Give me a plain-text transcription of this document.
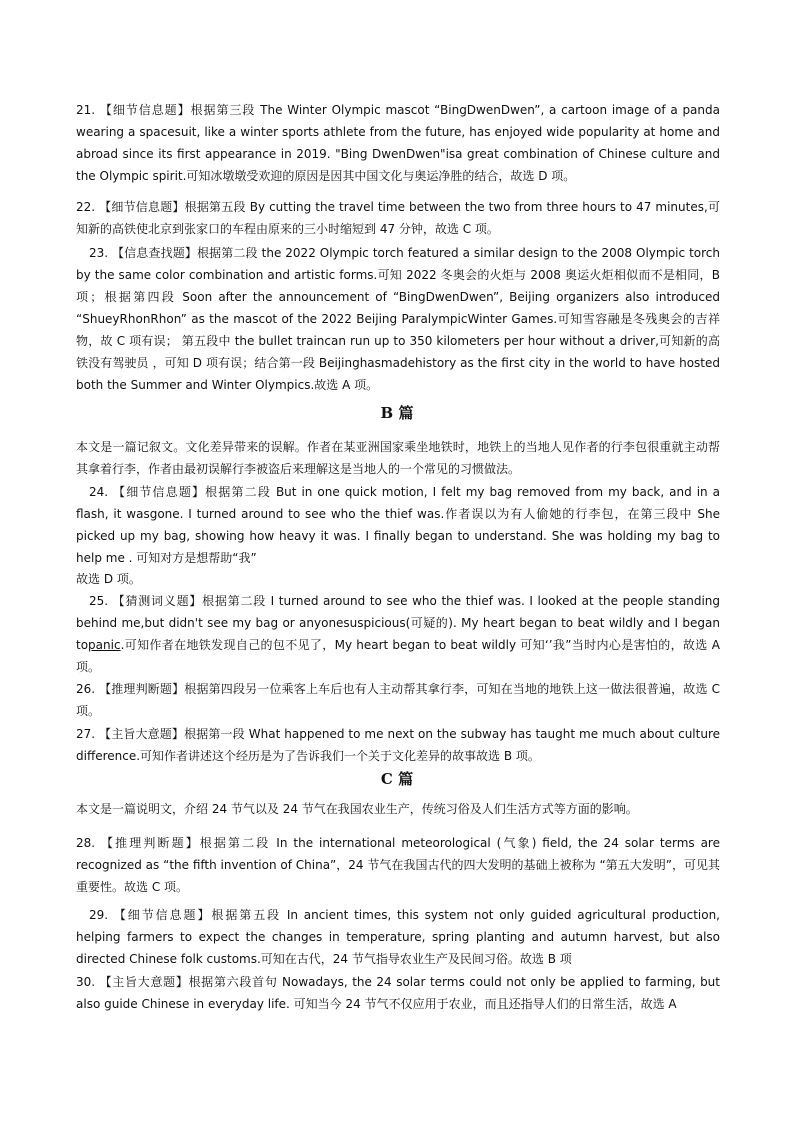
21. 【细节信息题】根据第三段 The Winter Olympic mascot “BingDwenDwen”, a cartoon image of a panda wearing a spacesuit, like a winter sports athlete from the future, has enjoyed wide popularity at home and abroad since its first appearance in 2019. "Bing DwenDwen"isa great combination of Chinese culture and the Olympic spirit.可知冰墩墩受欢迎的原因是因其中国文化与奥运净胜的结合，故选 D 项。

22. 【细节信息题】根据第五段 By cutting the travel time between the two from three hours to 47 minutes,可知新的高铁使北京到张家口的车程由原来的三小时缩短到 47 分钟，故选 C 项。

23. 【信息查找题】根据第二段 the 2022 Olympic torch featured a similar design to the 2008 Olympic torch by the same color combination and artistic forms.可知 2022 冬奥会的火炬与 2008 奥运火炬相似而不是相同，B 项；根据第四段 Soon after the announcement of “BingDwenDwen”, Beijing organizers also introduced “ShueyRhonRhon” as the mascot of the 2022 Beijing ParalympicWinter Games.可知雪容融是冬残奥会的吉祥物，故 C 项有误； 第五段中 the bullet traincan run up to 350 kilometers per hour without a driver,可知新的高铁没有驾驶员 ，可知 D 项有误；结合第一段 Beijinghasmadehistory as the first city in the world to have hosted both the Summer and Winter Olympics.故选 A 项。

B 篇

本文是一篇记叙文。文化差异带来的误解。作者在某亚洲国家乘坐地铁时，地铁上的当地人见作者的行李包很重就主动帮其拿着行李，作者由最初误解行李被盗后来理解这是当地人的一个常见的习惯做法。

24. 【细节信息题】根据第二段 But in one quick motion, I felt my bag removed from my back, and in a flash, it wasgone. I turned around to see who the thief was.作者误以为有人偷她的行李包，在第三段中 She picked up my bag, showing how heavy it was. I finally began to understand. She was holding my bag to help me . 可知对方是想帮助“我”

故选 D 项。

25. 【猜测词义题】根据第二段 I turned around to see who the thief was. I looked at the people standing behind me,but didn't see my bag or anyonesuspicious(可疑的). My heart began to beat wildly and I began topanic.可知作者在地铁发现自己的包不见了，My heart began to beat wildly 可知‘’我”当时内心是害怕的，故选 A 项。

26. 【推理判断题】根据第四段另一位乘客上车后也有人主动帮其拿行李，可知在当地的地铁上这一做法很普遍，故选 C 项。

27. 【主旨大意题】根据第一段 What happened to me next on the subway has taught me much about culture difference.可知作者讲述这个经历是为了告诉我们一个关于文化差异的故事故选 B 项。

C 篇

本文是一篇说明文，介绍 24 节气以及 24 节气在我国农业生产，传统习俗及人们生活方式等方面的影响。

28. 【推理判断题】根据第二段 In the international meteorological (气象) field, the 24 solar terms are recognized as “the fifth invention of China”，24 节气在我国古代的四大发明的基础上被称为 “第五大发明”，可见其重要性。故选 C 项。

29. 【细节信息题】根据第五段 In ancient times, this system not only guided agricultural production, helping farmers to expect the changes in temperature, spring planting and autumn harvest, but also directed Chinese folk customs.可知在古代，24 节气指导农业生产及民间习俗。故选 B 项

30. 【主旨大意题】根据第六段首句 Nowadays, the 24 solar terms could not only be applied to farming, but also guide Chinese in everyday life. 可知当今 24 节气不仅应用于农业，而且还指导人们的日常生活，故选 A
